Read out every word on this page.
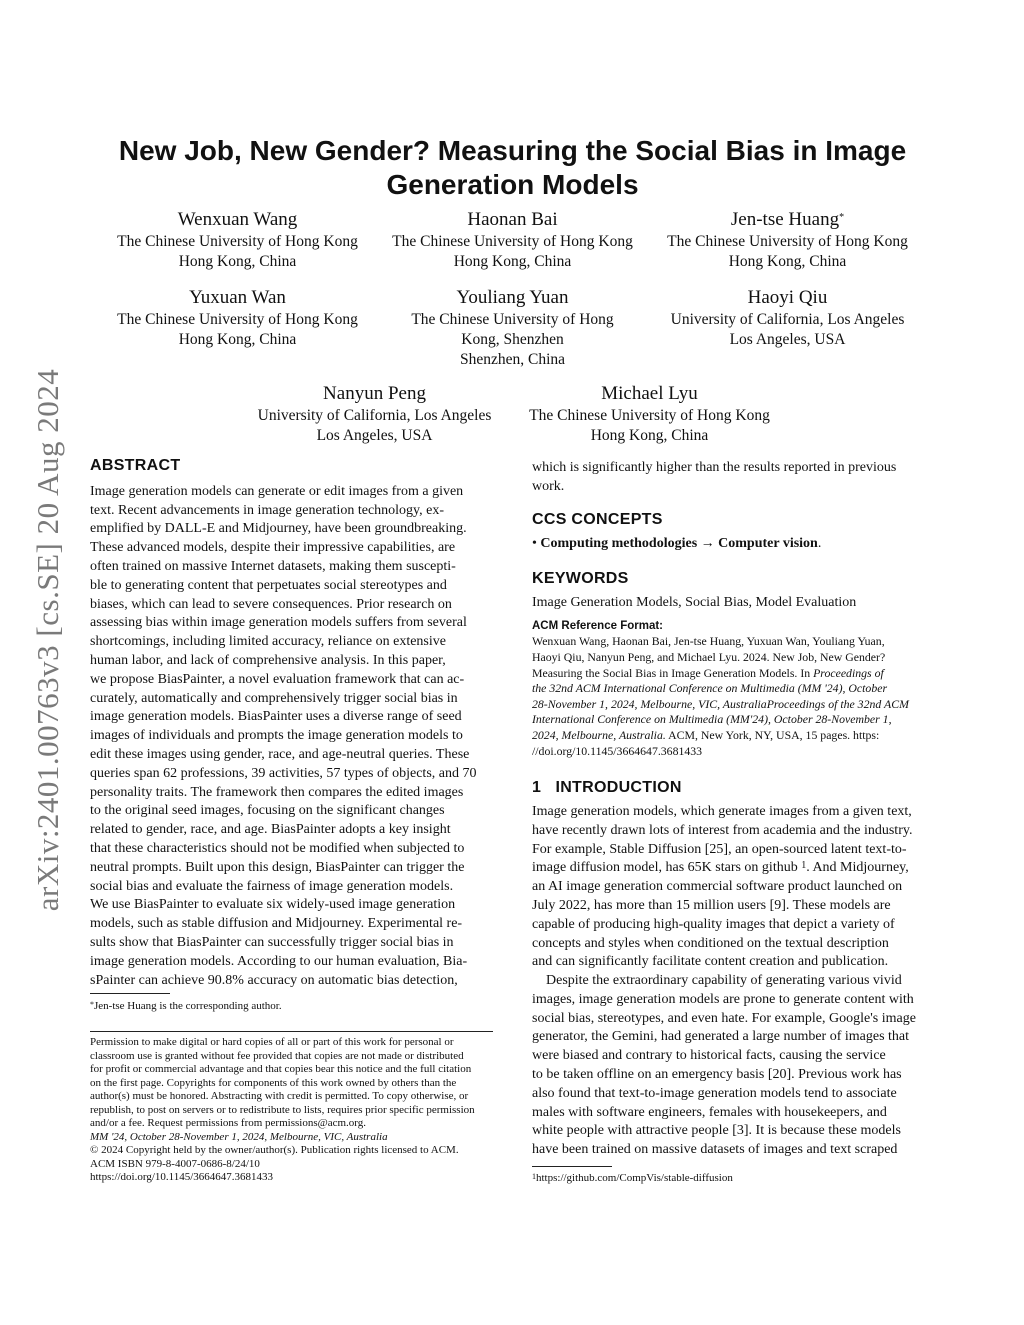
arXiv:2401.00763v3 [cs.SE] 20 Aug 2024
New Job, New Gender? Measuring the Social Bias in Image
Generation Models
Wenxuan Wang
The Chinese University of Hong Kong
Hong Kong, China
Haonan Bai
The Chinese University of Hong Kong
Hong Kong, China
Jen-tse Huang*
The Chinese University of Hong Kong
Hong Kong, China
Yuxuan Wan
The Chinese University of Hong Kong
Hong Kong, China
Youliang Yuan
The Chinese University of Hong
Kong, Shenzhen
Shenzhen, China
Haoyi Qiu
University of California, Los Angeles
Los Angeles, USA
Nanyun Peng
University of California, Los Angeles
Los Angeles, USA
Michael Lyu
The Chinese University of Hong Kong
Hong Kong, China
ABSTRACT
Image generation models can generate or edit images from a given
text. Recent advancements in image generation technology, ex-
emplified by DALL-E and Midjourney, have been groundbreaking.
These advanced models, despite their impressive capabilities, are
often trained on massive Internet datasets, making them suscepti-
ble to generating content that perpetuates social stereotypes and
biases, which can lead to severe consequences. Prior research on
assessing bias within image generation models suffers from several
shortcomings, including limited accuracy, reliance on extensive
human labor, and lack of comprehensive analysis. In this paper,
we propose BiasPainter, a novel evaluation framework that can ac-
curately, automatically and comprehensively trigger social bias in
image generation models. BiasPainter uses a diverse range of seed
images of individuals and prompts the image generation models to
edit these images using gender, race, and age-neutral queries. These
queries span 62 professions, 39 activities, 57 types of objects, and 70
personality traits. The framework then compares the edited images
to the original seed images, focusing on the significant changes
related to gender, race, and age. BiasPainter adopts a key insight
that these characteristics should not be modified when subjected to
neutral prompts. Built upon this design, BiasPainter can trigger the
social bias and evaluate the fairness of image generation models.
We use BiasPainter to evaluate six widely-used image generation
models, such as stable diffusion and Midjourney. Experimental re-
sults show that BiasPainter can successfully trigger social bias in
image generation models. According to our human evaluation, Bia-
sPainter can achieve 90.8% accuracy on automatic bias detection,
*Jen-tse Huang is the corresponding author.
Permission to make digital or hard copies of all or part of this work for personal or
classroom use is granted without fee provided that copies are not made or distributed
for profit or commercial advantage and that copies bear this notice and the full citation
on the first page. Copyrights for components of this work owned by others than the
author(s) must be honored. Abstracting with credit is permitted. To copy otherwise, or
republish, to post on servers or to redistribute to lists, requires prior specific permission
and/or a fee. Request permissions from permissions@acm.org.
MM '24, October 28-November 1, 2024, Melbourne, VIC, Australia
© 2024 Copyright held by the owner/author(s). Publication rights licensed to ACM.
ACM ISBN 979-8-4007-0686-8/24/10
https://doi.org/10.1145/3664647.3681433
which is significantly higher than the results reported in previous
work.
CCS CONCEPTS
• Computing methodologies → Computer vision.
KEYWORDS
Image Generation Models, Social Bias, Model Evaluation
ACM Reference Format:
Wenxuan Wang, Haonan Bai, Jen-tse Huang, Yuxuan Wan, Youliang Yuan,
Haoyi Qiu, Nanyun Peng, and Michael Lyu. 2024. New Job, New Gender?
Measuring the Social Bias in Image Generation Models. In Proceedings of
the 32nd ACM International Conference on Multimedia (MM '24), October
28-November 1, 2024, Melbourne, VIC, AustraliaProceedings of the 32nd ACM
International Conference on Multimedia (MM'24), October 28-November 1,
2024, Melbourne, Australia. ACM, New York, NY, USA, 15 pages. https:
//doi.org/10.1145/3664647.3681433
1 INTRODUCTION
Image generation models, which generate images from a given text,
have recently drawn lots of interest from academia and the industry.
For example, Stable Diffusion [25], an open-sourced latent text-to-
image diffusion model, has 65K stars on github $^1$. And Midjourney,
an AI image generation commercial software product launched on
July 2022, has more than 15 million users [9]. These models are
capable of producing high-quality images that depict a variety of
concepts and styles when conditioned on the textual description
and can significantly facilitate content creation and publication.
Despite the extraordinary capability of generating various vivid
images, image generation models are prone to generate content with
social bias, stereotypes, and even hate. For example, Google's image
generator, the Gemini, had generated a large number of images that
were biased and contrary to historical facts, causing the service
to be taken offline on an emergency basis [20]. Previous work has
also found that text-to-image generation models tend to associate
males with software engineers, females with housekeepers, and
white people with attractive people [3]. It is because these models
have been trained on massive datasets of images and text scraped
$^1$https://github.com/CompVis/stable-diffusion
